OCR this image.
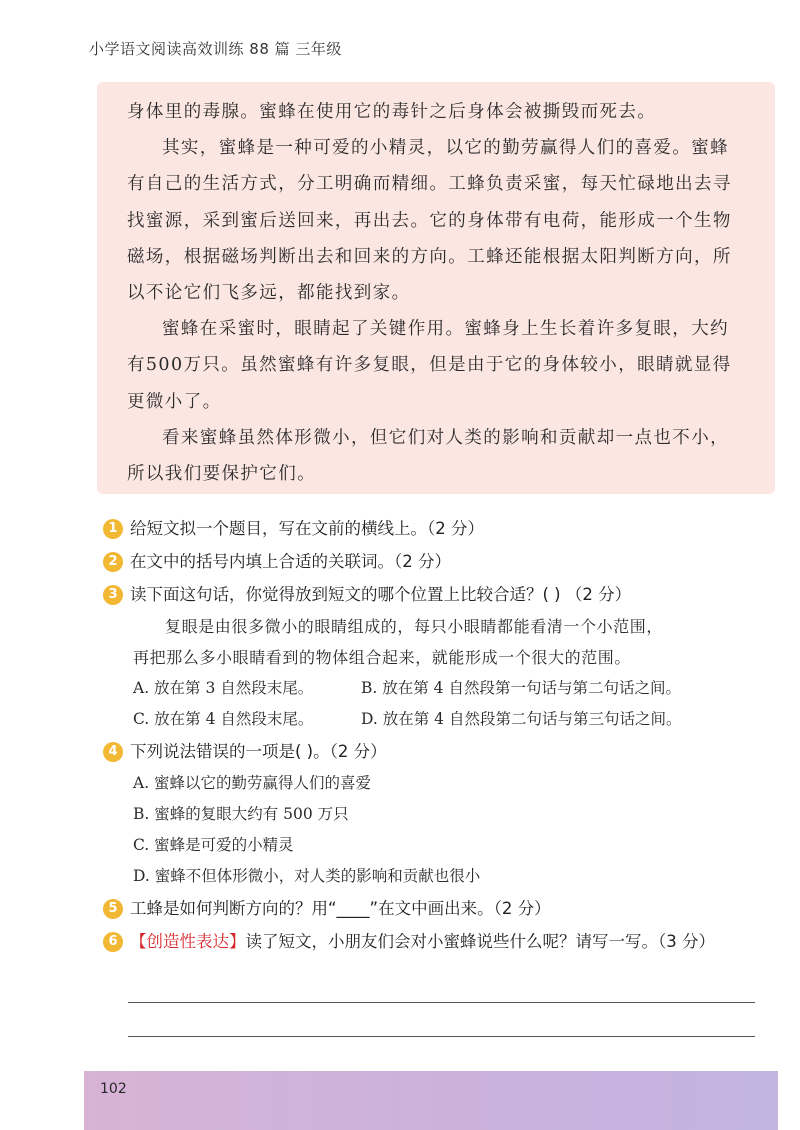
小学语文阅读高效训练 88 篇 三年级

身体里的毒腺。蜜蜂在使用它的毒针之后身体会被撕毁而死去。

其实，蜜蜂是一种可爱的小精灵，以它的勤劳赢得人们的喜爱。蜜蜂有自己的生活方式，分工明确而精细。工蜂负责采蜜，每天忙碌地出去寻找蜜源，采到蜜后送回来，再出去。它的身体带有电荷，能形成一个生物磁场，根据磁场判断出去和回来的方向。工蜂还能根据太阳判断方向，所以不论它们飞多远，都能找到家。

蜜蜂在采蜜时，眼睛起了关键作用。蜜蜂身上生长着许多复眼，大约有500万只。虽然蜜蜂有许多复眼，但是由于它的身体较小，眼睛就显得更微小了。

看来蜜蜂虽然体形微小，但它们对人类的影响和贡献却一点也不小，所以我们要保护它们。

1 给短文拟一个题目，写在文前的横线上。（2 分）
2 在文中的括号内填上合适的关联词。（2 分）
3 读下面这句话，你觉得放到短文的哪个位置上比较合适？( ) （2 分）

复眼是由很多微小的眼睛组成的，每只小眼睛都能看清一个小范围，

再把那么多小眼睛看到的物体组合起来，就能形成一个很大的范围。

A. 放在第 3 自然段末尾。	B. 放在第 4 自然段第一句话与第二句话之间。
C. 放在第 4 自然段末尾。	D. 放在第 4 自然段第二句话与第三句话之间。
4 下列说法错误的一项是( )。（2 分）
A. 蜜蜂以它的勤劳赢得人们的喜爱
B. 蜜蜂的复眼大约有 500 万只
C. 蜜蜂是可爱的小精灵
D. 蜜蜂不但体形微小，对人类的影响和贡献也很小
5 工蜂是如何判断方向的？用“____”在文中画出来。（2 分）
6 【创造性表达】读了短文，小朋友们会对小蜜蜂说些什么呢？请写一写。（3 分）
102
